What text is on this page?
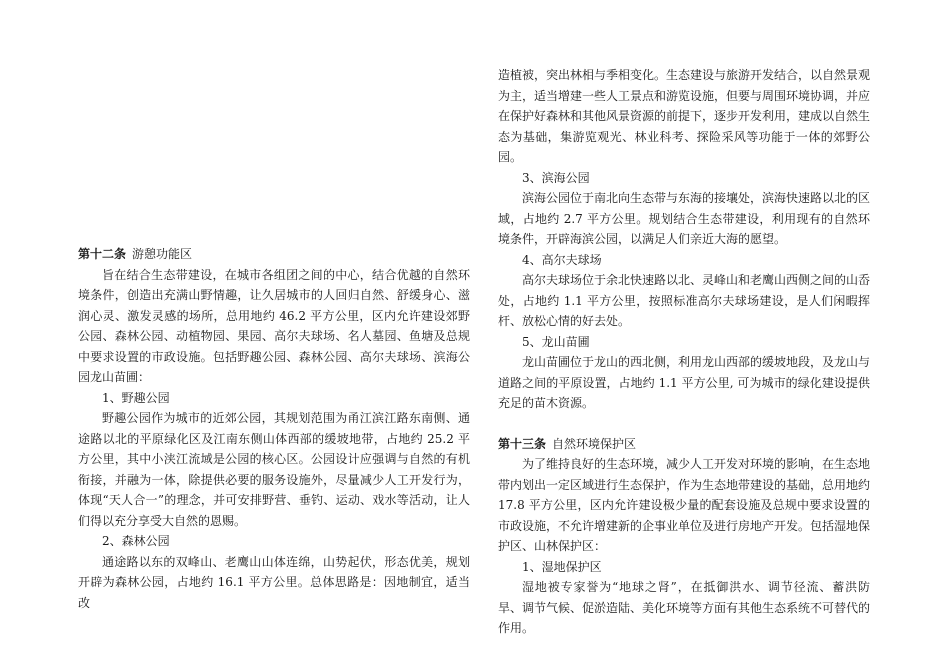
第十二条 游憩功能区

旨在结合生态带建设，在城市各组团之间的中心，结合优越的自然环境条件，创造出充满山野情趣，让久居城市的人回归自然、舒缓身心、滋润心灵、激发灵感的场所，总用地约 46.2 平方公里，区内允许建设郊野公园、森林公园、动植物园、果园、高尔夫球场、名人墓园、鱼塘及总规中要求设置的市政设施。包括野趣公园、森林公园、高尔夫球场、滨海公园龙山苗圃：

1、野趣公园

野趣公园作为城市的近郊公园，其规划范围为甬江滨江路东南侧、通途路以北的平原绿化区及江南东侧山体西部的缓坡地带，占地约 25.2 平方公里，其中小浃江流域是公园的核心区。公园设计应强调与自然的有机衔接，并融为一体，除提供必要的服务设施外，尽量减少人工开发行为，体现“天人合一”的理念，并可安排野营、垂钓、运动、戏水等活动，让人们得以充分享受大自然的恩赐。

2、森林公园

通途路以东的双峰山、老鹰山山体连绵，山势起伏，形态优美，规划开辟为森林公园，占地约 16.1 平方公里。总体思路是：因地制宜，适当改

造植被，突出林相与季相变化。生态建设与旅游开发结合，以自然景观为主，适当增建一些人工景点和游览设施，但要与周围环境协调，并应在保护好森林和其他风景资源的前提下，逐步开发利用，建成以自然生态为基础，集游览观光、林业科考、探险采风等功能于一体的郊野公园。

3、滨海公园

滨海公园位于南北向生态带与东海的接壤处，滨海快速路以北的区域，占地约 2.7 平方公里。规划结合生态带建设，利用现有的自然环境条件，开辟海滨公园，以满足人们亲近大海的愿望。

4、高尔夫球场

高尔夫球场位于余北快速路以北、灵峰山和老鹰山西侧之间的山岙处，占地约 1.1 平方公里，按照标准高尔夫球场建设，是人们闲暇挥杆、放松心情的好去处。

5、龙山苗圃

龙山苗圃位于龙山的西北侧，利用龙山西部的缓坡地段，及龙山与道路之间的平原设置，占地约 1.1 平方公里, 可为城市的绿化建设提供充足的苗木资源。

第十三条 自然环境保护区

为了维持良好的生态环境，减少人工开发对环境的影响，在生态地带内划出一定区域进行生态保护，作为生态地带建设的基础，总用地约 17.8 平方公里，区内允许建设极少量的配套设施及总规中要求设置的市政设施，不允许增建新的企事业单位及进行房地产开发。包括湿地保护区、山林保护区：

1、湿地保护区

湿地被专家誉为“地球之肾”，在抵御洪水、调节径流、蓄洪防旱、调节气候、促淤造陆、美化环境等方面有其他生态系统不可替代的作用。
